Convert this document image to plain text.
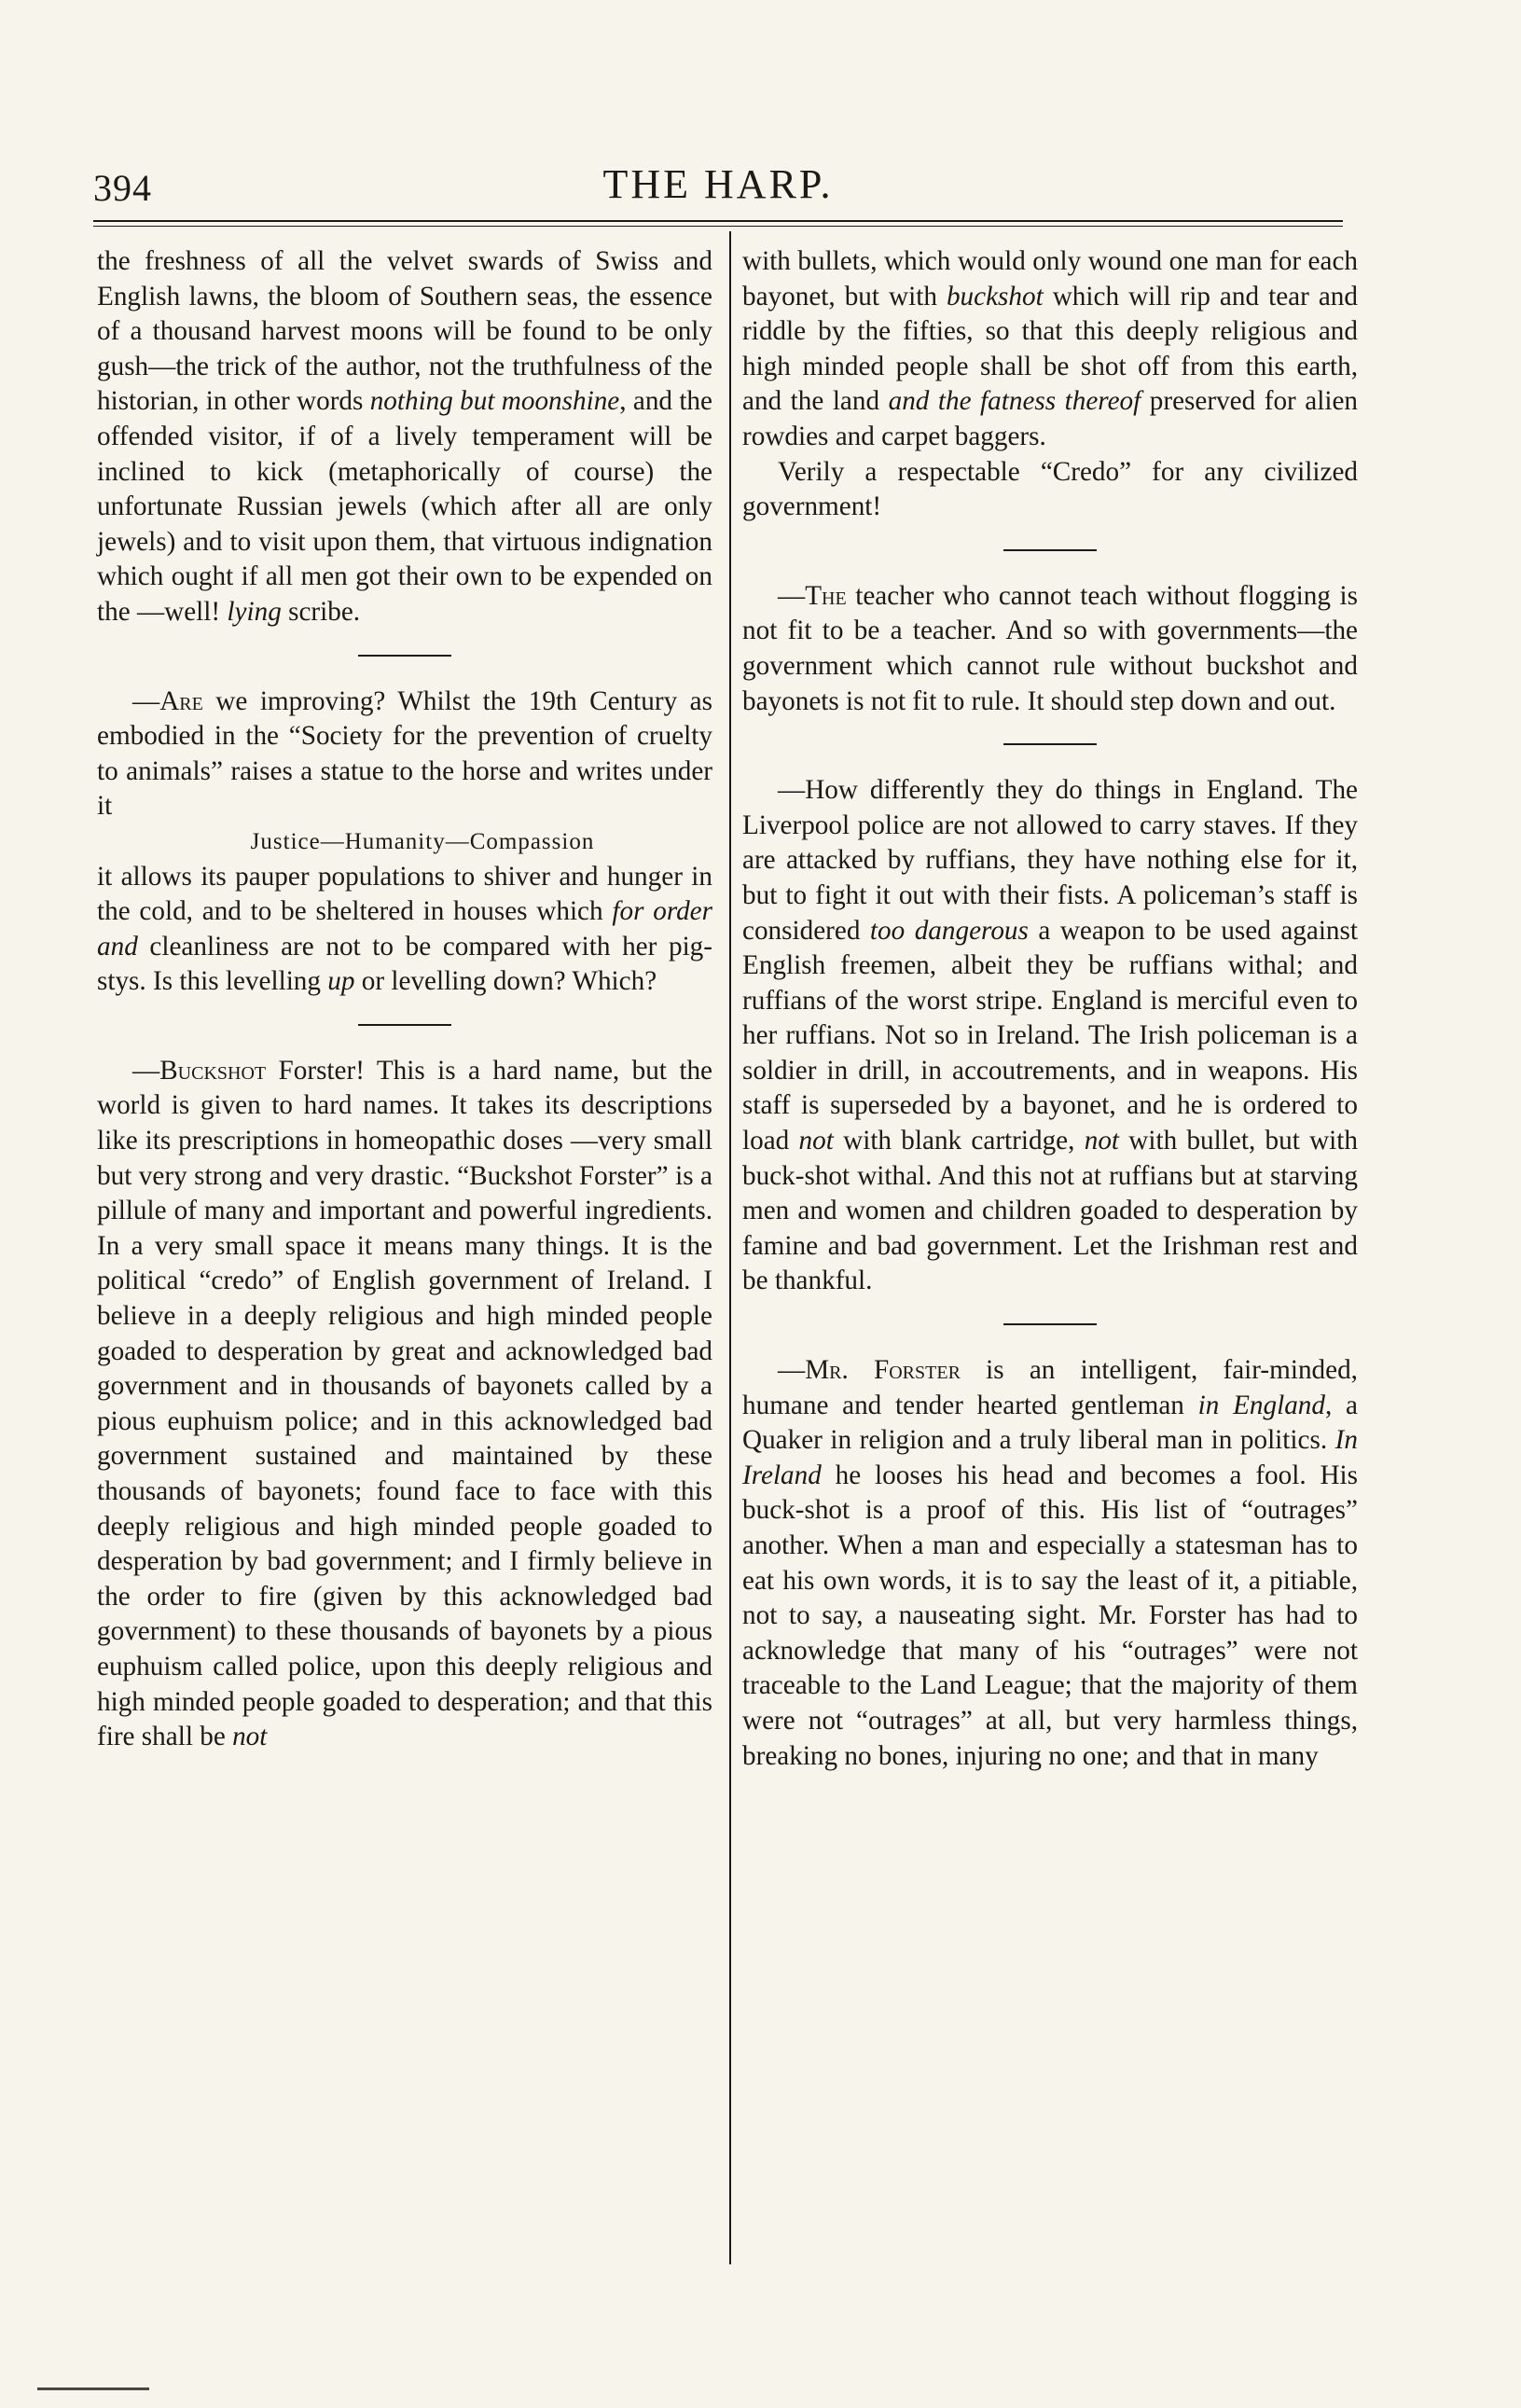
394	THE HARP.

the freshness of all the velvet swards of Swiss and English lawns, the bloom of Southern seas, the essence of a thousand harvest moons will be found to be only gush—the trick of the author, not the truthfulness of the historian, in other words nothing but moonshine, and the offended visitor, if of a lively temperament will be inclined to kick (metaphorically of course) the unfortunate Russian jewels (which after all are only jewels) and to visit upon them, that virtuous indignation which ought if all men got their own to be expended on the —well! lying scribe.

—Are we improving? Whilst the 19th Century as embodied in the “Society for the prevention of cruelty to animals” raises a statue to the horse and writes under it

Justice—Humanity—Compassion

it allows its pauper populations to shiver and hunger in the cold, and to be sheltered in houses which for order and cleanliness are not to be compared with her pig-stys. Is this levelling up or levelling down? Which?

—Buckshot Forster! This is a hard name, but the world is given to hard names. It takes its descriptions like its prescriptions in homeopathic doses —very small but very strong and very drastic. “Buckshot Forster” is a pillule of many and important and powerful ingredients. In a very small space it means many things. It is the political “credo” of English government of Ireland. I believe in a deeply religious and high minded people goaded to desperation by great and acknowledged bad government and in thousands of bayonets called by a pious euphuism police; and in this acknowledged bad government sustained and maintained by these thousands of bayonets; found face to face with this deeply religious and high minded people goaded to desperation by bad government; and I firmly believe in the order to fire (given by this acknowledged bad government) to these thousands of bayonets by a pious euphuism called police, upon this deeply religious and high minded people goaded to desperation; and that this fire shall be not

with bullets, which would only wound one man for each bayonet, but with buckshot which will rip and tear and riddle by the fifties, so that this deeply religious and high minded people shall be shot off from this earth, and the land and the fatness thereof preserved for alien rowdies and carpet baggers.

Verily a respectable “Credo” for any civilized government!

—The teacher who cannot teach without flogging is not fit to be a teacher. And so with governments—the government which cannot rule without buckshot and bayonets is not fit to rule. It should step down and out.

—How differently they do things in England. The Liverpool police are not allowed to carry staves. If they are attacked by ruffians, they have nothing else for it, but to fight it out with their fists. A policeman’s staff is considered too dangerous a weapon to be used against English freemen, albeit they be ruffians withal; and ruffians of the worst stripe. England is merciful even to her ruffians. Not so in Ireland. The Irish policeman is a soldier in drill, in accoutrements, and in weapons. His staff is superseded by a bayonet, and he is ordered to load not with blank cartridge, not with bullet, but with buck-shot withal. And this not at ruffians but at starving men and women and children goaded to desperation by famine and bad government. Let the Irishman rest and be thankful.

—Mr. Forster is an intelligent, fair-minded, humane and tender hearted gentleman in England, a Quaker in religion and a truly liberal man in politics. In Ireland he looses his head and becomes a fool. His buck-shot is a proof of this. His list of “outrages” another. When a man and especially a statesman has to eat his own words, it is to say the least of it, a pitiable, not to say, a nauseating sight. Mr. Forster has had to acknowledge that many of his “outrages” were not traceable to the Land League; that the majority of them were not “outrages” at all, but very harmless things, breaking no bones, injuring no one; and that in many
